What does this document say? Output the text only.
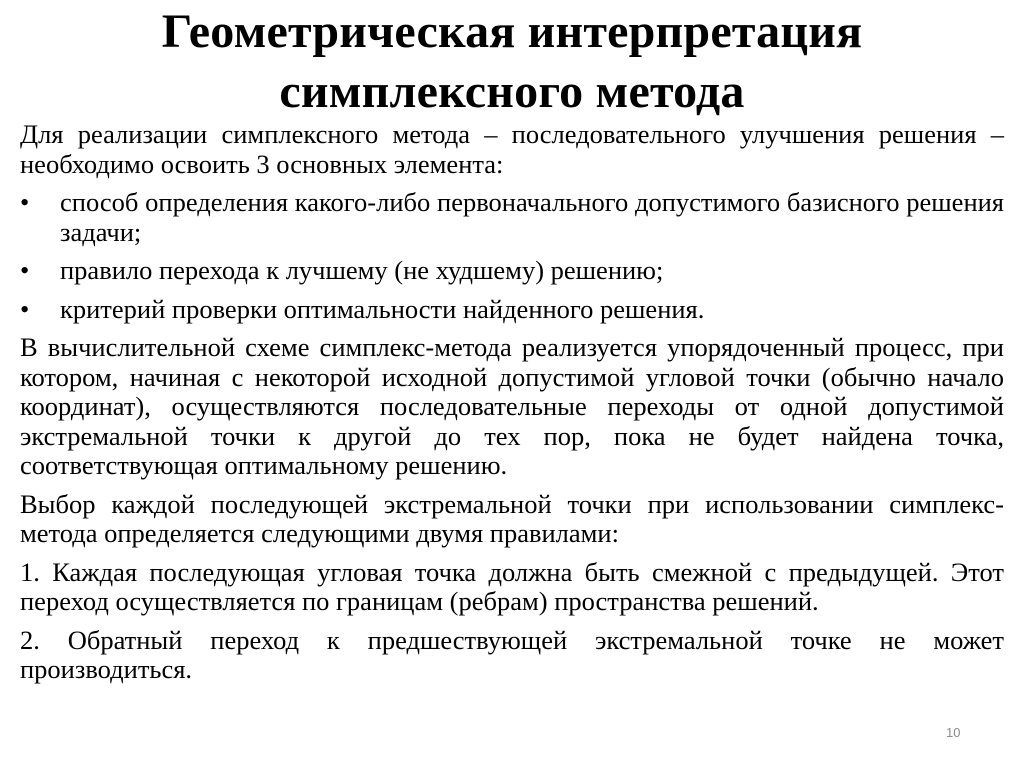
Геометрическая интерпретация
симплексного метода
Для реализации симплексного метода – последовательного улучшения решения – необходимо освоить 3 основных элемента:
•	способ определения какого-либо первоначального допустимого базисного решения задачи;
•	правило перехода к лучшему (не худшему) решению;
•	критерий проверки оптимальности найденного решения.
В вычислительной схеме симплекс-метода реализуется упорядоченный процесс, при котором, начиная с некоторой исходной допустимой угловой точки (обычно начало координат), осуществляются последовательные переходы от одной допустимой экстремальной точки к другой до тех пор, пока не будет найдена точка, соответствующая оптимальному решению.
Выбор каждой последующей экстремальной точки при использовании симплекс-метода определяется следующими двумя правилами:
1. Каждая последующая угловая точка должна быть смежной с предыдущей. Этот переход осуществляется по границам (ребрам) пространства решений.
2. Обратный переход к предшествующей экстремальной точке не может производиться.
10
